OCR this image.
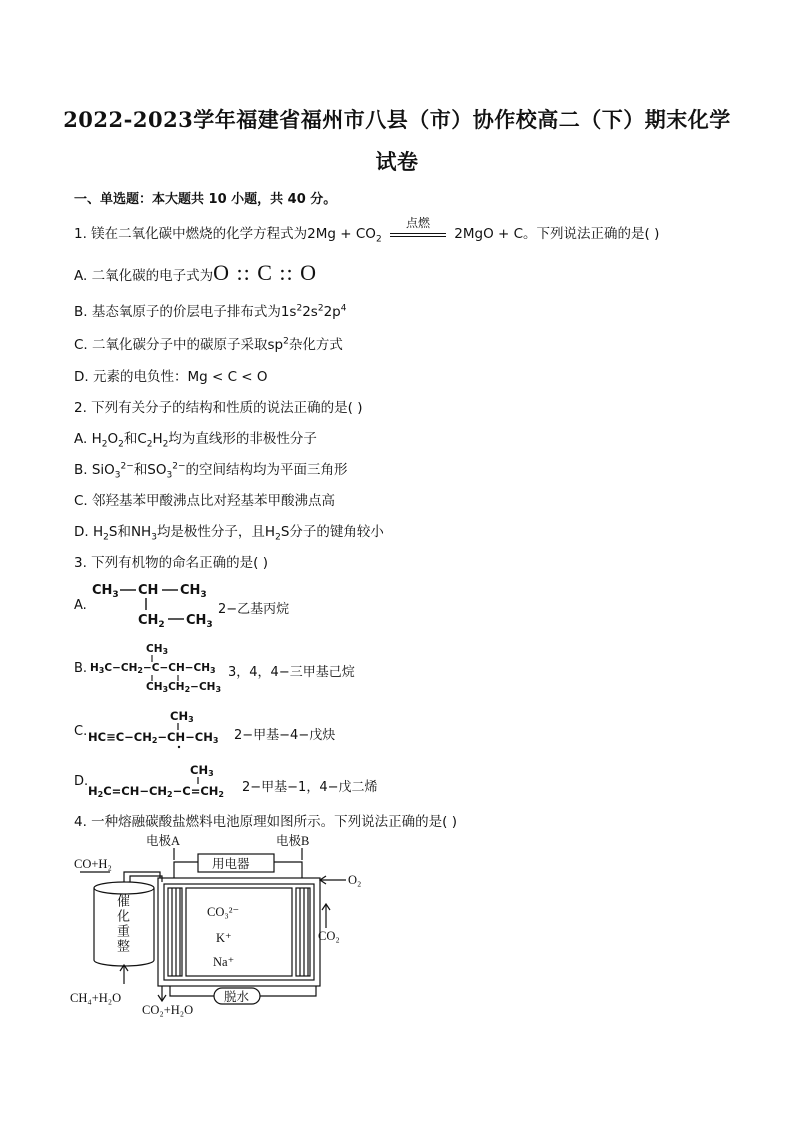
2022-2023学年福建省福州市八县（市）协作校高二（下）期末化学
试卷
一、单选题：本大题共 10 小题，共 40 分。
1. 镁在二氧化碳中燃烧的化学方程式为$2Mg + CO_2$
点燃
2MgO + C。下列说法正确的是( )
A. 二氧化碳的电子式为O :: C :: O
B. 基态氧原子的价层电子排布式为$1s^22s^22p^4$
C. 二氧化碳分子中的碳原子采取$sp^2$杂化方式
D. 元素的电负性：Mg < C < O
2. 下列有关分子的结构和性质的说法正确的是( )
A. $H_2O_2$和$C_2H_2$均为直线形的非极性分子
B. SiO$_3^{2-}$和$SO_3^{2-}$的空间结构均为平面三角形
C. 邻羟基苯甲酸沸点比对羟基苯甲酸沸点高
D. $H_2S$和$NH_3$均是极性分子，且$H_2S$分子的键角较小
3. 下列有机物的命名正确的是( )
A.
$CH_3$ CH $CH_3$
$CH_2$ $CH_3$
2−乙基丙烷
B.
CH3
H3C−CH2−C−CH−CH3
CH3CH2−CH3
3，4，4−三甲基己烷
C.
CH3
HC≡C−CH2−CH−CH3 2−甲基−4−戊炔
D.
CH3
H2C=CH−CH2−C=CH2 2−甲基−1，4−戊二烯
4. 一种熔融碳酸盐燃料电池原理如图所示。下列说法正确的是( )
电极A	电极B
用电器
CO+H₂
O₂
CO₂
CH₄+H₂O
CO₂+H₂O
脱水
CO₃²⁻
K⁺
Na⁺
催化重整
